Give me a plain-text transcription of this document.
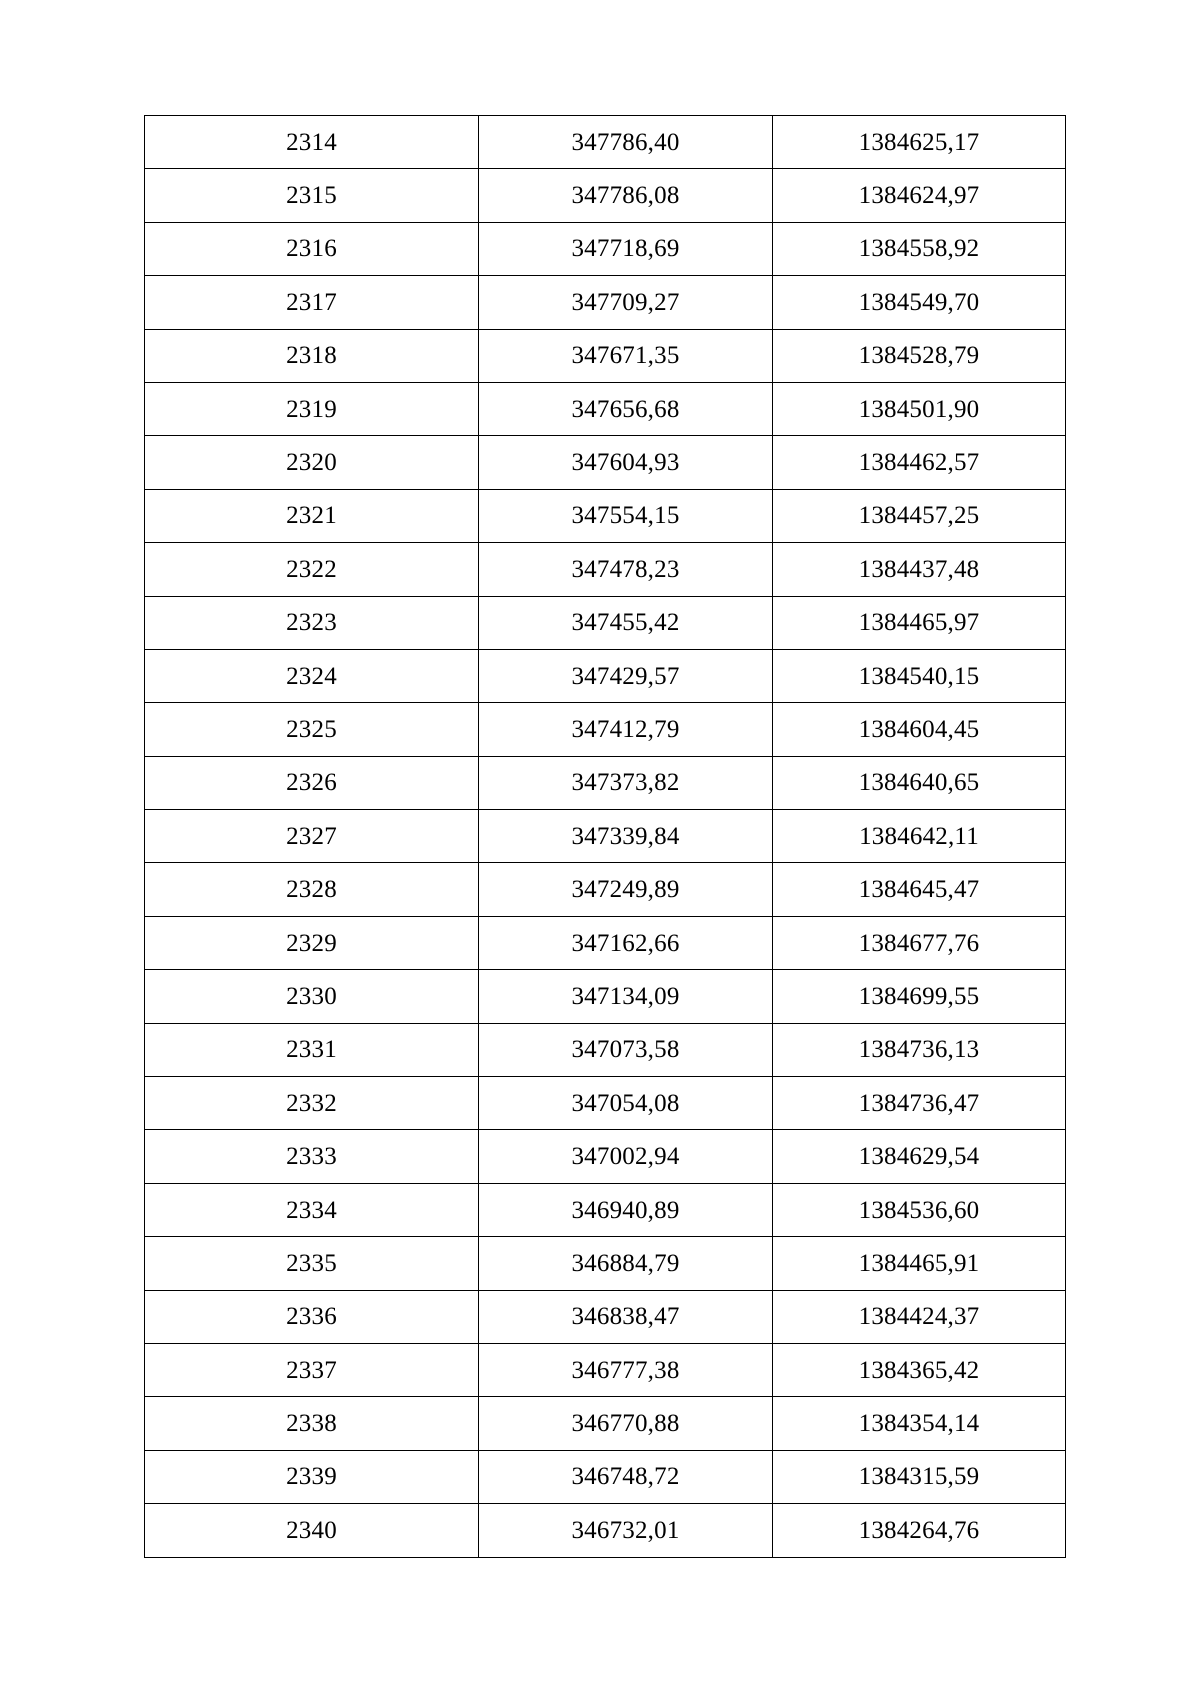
2314	347786,40	1384625,17
2315	347786,08	1384624,97
2316	347718,69	1384558,92
2317	347709,27	1384549,70
2318	347671,35	1384528,79
2319	347656,68	1384501,90
2320	347604,93	1384462,57
2321	347554,15	1384457,25
2322	347478,23	1384437,48
2323	347455,42	1384465,97
2324	347429,57	1384540,15
2325	347412,79	1384604,45
2326	347373,82	1384640,65
2327	347339,84	1384642,11
2328	347249,89	1384645,47
2329	347162,66	1384677,76
2330	347134,09	1384699,55
2331	347073,58	1384736,13
2332	347054,08	1384736,47
2333	347002,94	1384629,54
2334	346940,89	1384536,60
2335	346884,79	1384465,91
2336	346838,47	1384424,37
2337	346777,38	1384365,42
2338	346770,88	1384354,14
2339	346748,72	1384315,59
2340	346732,01	1384264,76
